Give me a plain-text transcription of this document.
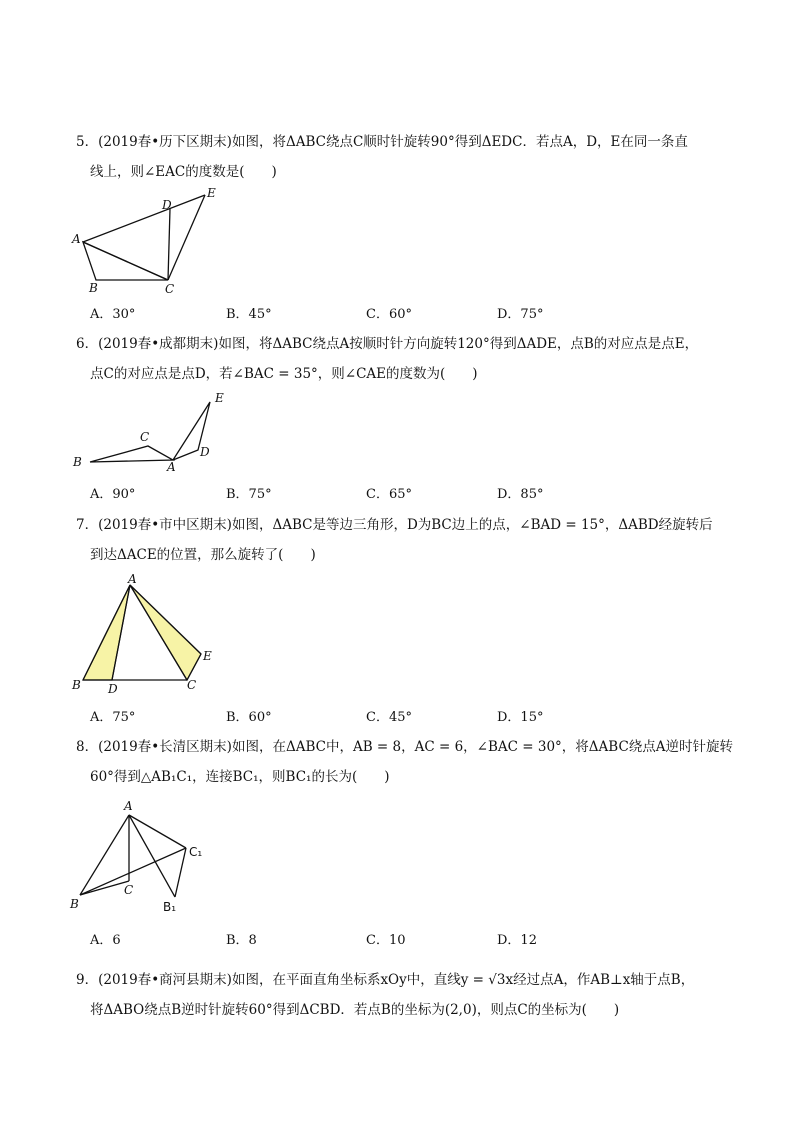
5．(2019春•历下区期末)如图，将ΔABC绕点C顺时针旋转90°得到ΔEDC．若点A，D，E在同一条直
线上，则∠EAC的度数是(　　)
A
B	C
D
E
A．30°	B．45°	C．60°	D．75°
6．(2019春•成都期末)如图，将ΔABC绕点A按顺时针方向旋转120°得到ΔADE，点B的对应点是点E，
点C的对应点是点D，若∠BAC = 35°，则∠CAE的度数为(　　)
B
C
A
D
E
A．90°	B．75°	C．65°	D．85°
7．(2019春•市中区期末)如图，ΔABC是等边三角形，D为BC边上的点，∠BAD = 15°，ΔABD经旋转后
到达ΔACE的位置，那么旋转了(　　)
A
B D	C
E
A．75°	B．60°	C．45°	D．15°
8．(2019春•长清区期末)如图，在ΔABC中，AB = 8，AC = 6，∠BAC = 30°，将ΔABC绕点A逆时针旋转
60°得到△AB₁C₁，连接BC₁，则BC₁的长为(　　)
A
B
C
B₁
C₁
A．6	B．8	C．10	D．12
9．(2019春•商河县期末)如图，在平面直角坐标系xOy中，直线y = √3x经过点A，作AB⊥x轴于点B，
将ΔABO绕点B逆时针旋转60°得到ΔCBD．若点B的坐标为(2,0)，则点C的坐标为(　　)
